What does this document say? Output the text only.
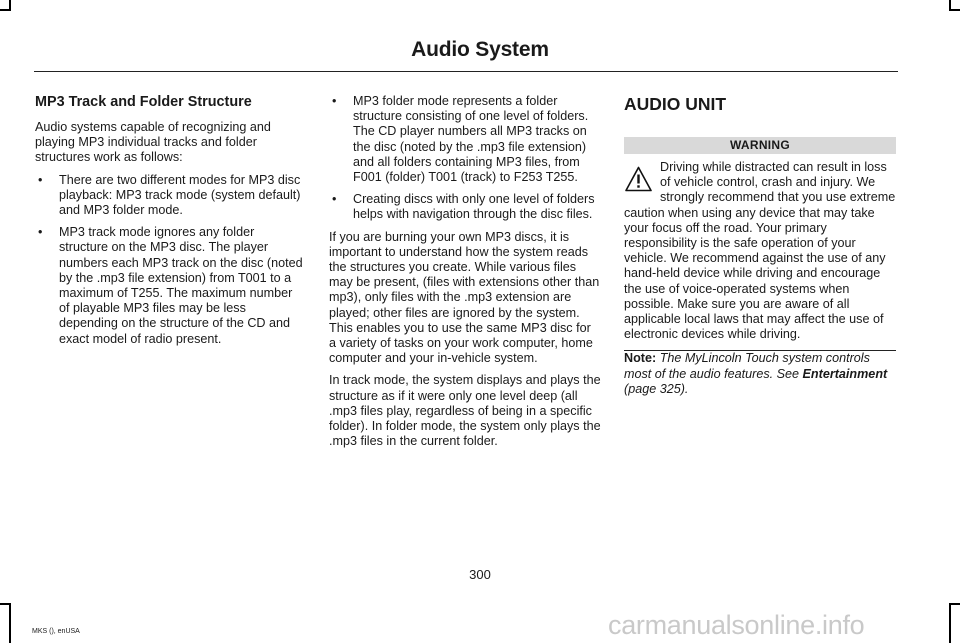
Audio System
MP3 Track and Folder Structure

Audio systems capable of recognizing and playing MP3 individual tracks and folder structures work as follows:

• There are two different modes for MP3 disc playback: MP3 track mode (system default) and MP3 folder mode.
• MP3 track mode ignores any folder structure on the MP3 disc. The player numbers each MP3 track on the disc (noted by the .mp3 file extension) from T001 to a maximum of T255. The maximum number of playable MP3 files may be less depending on the structure of the CD and exact model of radio present.
• MP3 folder mode represents a folder structure consisting of one level of folders. The CD player numbers all MP3 tracks on the disc (noted by the .mp3 file extension) and all folders containing MP3 files, from F001 (folder) T001 (track) to F253 T255.
• Creating discs with only one level of folders helps with navigation through the disc files.

If you are burning your own MP3 discs, it is important to understand how the system reads the structures you create. While various files may be present, (files with extensions other than mp3), only files with the .mp3 extension are played; other files are ignored by the system. This enables you to use the same MP3 disc for a variety of tasks on your work computer, home computer and your in-vehicle system.

In track mode, the system displays and plays the structure as if it were only one level deep (all .mp3 files play, regardless of being in a specific folder). In folder mode, the system only plays the .mp3 files in the current folder.

AUDIO UNIT
WARNING
Driving while distracted can result in loss of vehicle control, crash and injury. We strongly recommend that you use extreme caution when using any device that may take your focus off the road. Your primary responsibility is the safe operation of your vehicle. We recommend against the use of any hand-held device while driving and encourage the use of voice-operated systems when possible. Make sure you are aware of all applicable local laws that may affect the use of electronic devices while driving.

Note: The MyLincoln Touch system controls most of the audio features. See Entertainment (page 325).

300
MKS (), enUSA	carmanualsonline.info
